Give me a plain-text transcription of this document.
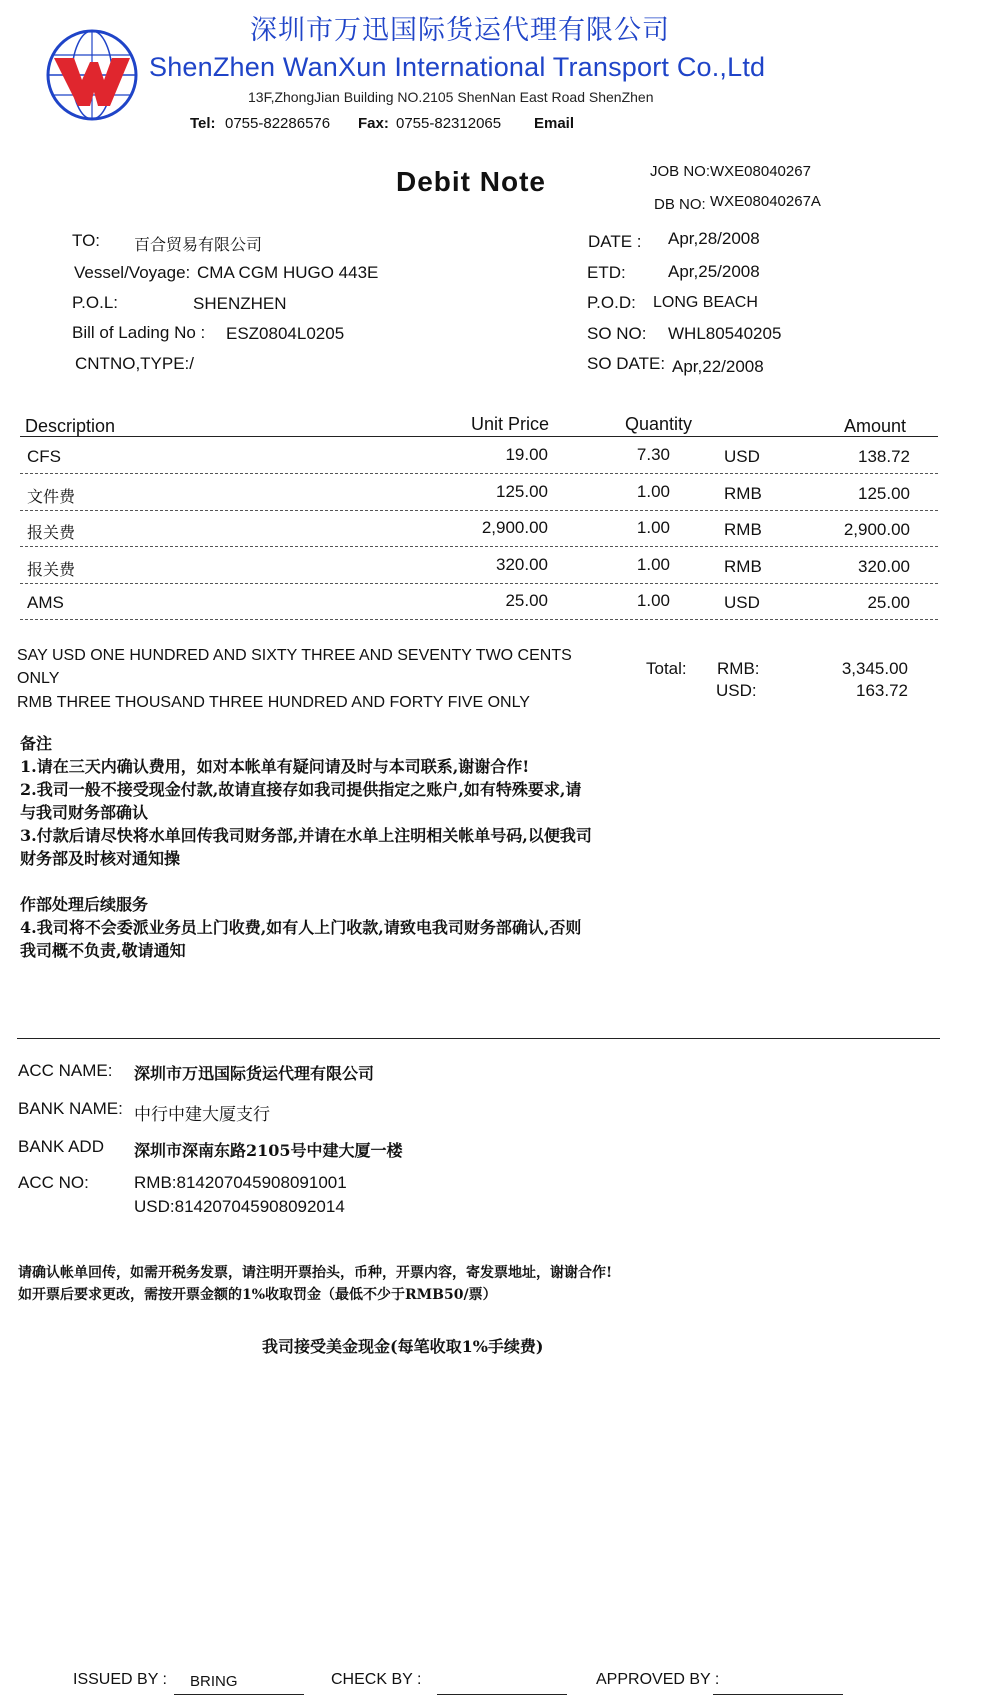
深圳市万迅国际货运代理有限公司
ShenZhen WanXun International Transport Co.,Ltd
13F,ZhongJian Building NO.2105 ShenNan East Road ShenZhen
Tel: 0755-82286576 Fax: 0755-82312065 Email
Debit Note	JOB NO: WXE08040267
DB NO: WXE08040267A
TO: 百合贸易有限公司
Vessel/Voyage: CMA CGM HUGO 443E
P.O.L:	SHENZHEN
Bill of Lading No : ESZ0804L0205
CNTNO,TYPE:/
DATE : Apr,28/2008
ETD: Apr,25/2008
P.O.D: LONG BEACH
SO NO: WHL80540205
SO DATE: Apr,22/2008
Description	Unit Price	Quantity	Amount
CFS	19.00	7.30	USD	138.72
文件费	125.00	1.00	RMB	125.00
报关费	2,900.00	1.00	RMB	2,900.00
报关费	320.00	1.00	RMB	320.00
AMS	25.00	1.00	USD	25.00
SAY USD ONE HUNDRED AND SIXTY THREE AND SEVENTY TWO CENTS
ONLY
RMB THREE THOUSAND THREE HUNDRED AND FORTY FIVE ONLY
Total: RMB:	3,345.00
USD:	163.72
备注
1.请在三天内确认费用，如对本帐单有疑问请及时与本司联系,谢谢合作!
2.我司一般不接受现金付款,故请直接存如我司提供指定之账户,如有特殊要求,请
与我司财务部确认
3.付款后请尽快将水单回传我司财务部,并请在水单上注明相关帐单号码,以便我司
财务部及时核对通知操
作部处理后续服务
4.我司将不会委派业务员上门收费,如有人上门收款,请致电我司财务部确认,否则
我司概不负责,敬请通知
ACC NAME: 深圳市万迅国际货运代理有限公司
BANK NAME: 中行中建大厦支行
BANK ADD 深圳市深南东路2105号中建大厦一楼
ACC NO:	RMB:814207045908091001
USD:814207045908092014
请确认帐单回传，如需开税务发票，请注明开票抬头，币种，开票内容，寄发票地址，谢谢合作!
如开票后要求更改，需按开票金额的1%收取罚金（最低不少于RMB50/票）
我司接受美金现金(每笔收取1%手续费)
ISSUED BY : BRING	CHECK BY :	APPROVED BY :
